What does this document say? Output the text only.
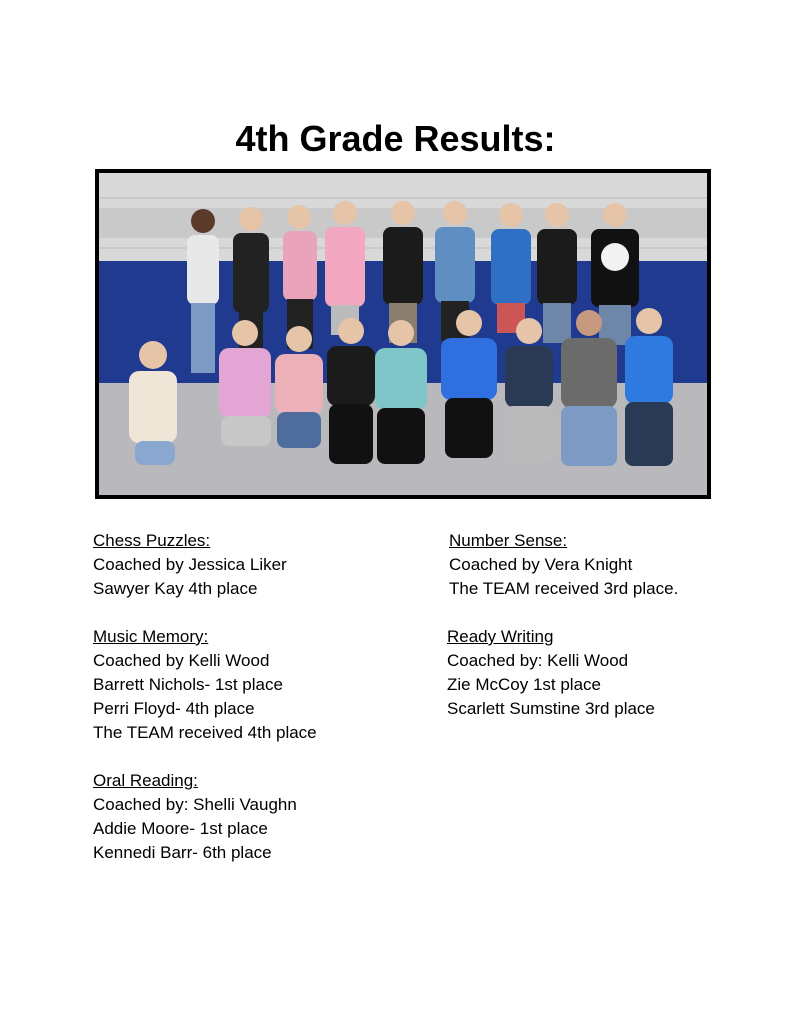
4th Grade Results:
Chess Puzzles:
Coached by Jessica Liker
Sawyer Kay 4th place
Number Sense:
Coached by Vera Knight
The TEAM received 3rd place.
Music Memory:
Coached by Kelli Wood
Barrett Nichols- 1st place
Perri Floyd- 4th place
The TEAM received 4th place
Ready Writing
Coached by: Kelli Wood
Zie McCoy 1st place
Scarlett Sumstine 3rd place
Oral Reading:
Coached by: Shelli Vaughn
Addie Moore- 1st place
Kennedi Barr- 6th place
